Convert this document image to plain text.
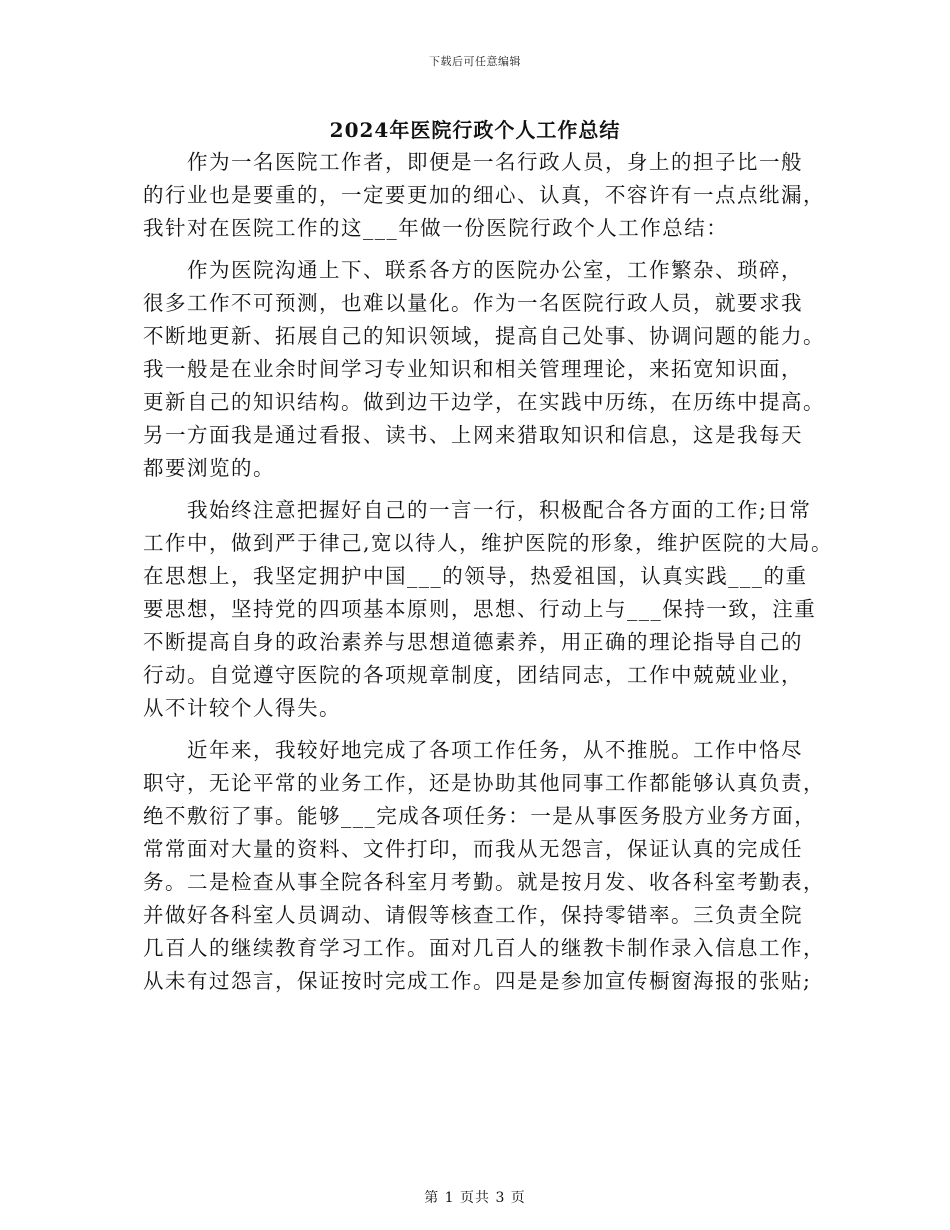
下载后可任意编辑
2024年医院行政个人工作总结
作为一名医院工作者，即便是一名行政人员，身上的担子比一般
的行业也是要重的，一定要更加的细心、认真，不容许有一点点纰漏，
我针对在医院工作的这___年做一份医院行政个人工作总结：
作为医院沟通上下、联系各方的医院办公室，工作繁杂、琐碎，
很多工作不可预测，也难以量化。作为一名医院行政人员，就要求我
不断地更新、拓展自己的知识领域，提高自己处事、协调问题的能力。
我一般是在业余时间学习专业知识和相关管理理论，来拓宽知识面，
更新自己的知识结构。做到边干边学，在实践中历练，在历练中提高。
另一方面我是通过看报、读书、上网来猎取知识和信息，这是我每天
都要浏览的。
我始终注意把握好自己的一言一行，积极配合各方面的工作;日常
工作中，做到严于律己,宽以待人，维护医院的形象，维护医院的大局。
在思想上，我坚定拥护中国___的领导，热爱祖国，认真实践___的重
要思想，坚持党的四项基本原则，思想、行动上与___保持一致，注重
不断提高自身的政治素养与思想道德素养，用正确的理论指导自己的
行动。自觉遵守医院的各项规章制度，团结同志，工作中兢兢业业，
从不计较个人得失。
近年来，我较好地完成了各项工作任务，从不推脱。工作中恪尽
职守，无论平常的业务工作，还是协助其他同事工作都能够认真负责，
绝不敷衍了事。能够___完成各项任务：一是从事医务股方业务方面，
常常面对大量的资料、文件打印，而我从无怨言，保证认真的完成任
务。二是检查从事全院各科室月考勤。就是按月发、收各科室考勤表，
并做好各科室人员调动、请假等核查工作，保持零错率。三负责全院
几百人的继续教育学习工作。面对几百人的继教卡制作录入信息工作，
从未有过怨言，保证按时完成工作。四是是参加宣传橱窗海报的张贴;
第 1 页共 3 页
